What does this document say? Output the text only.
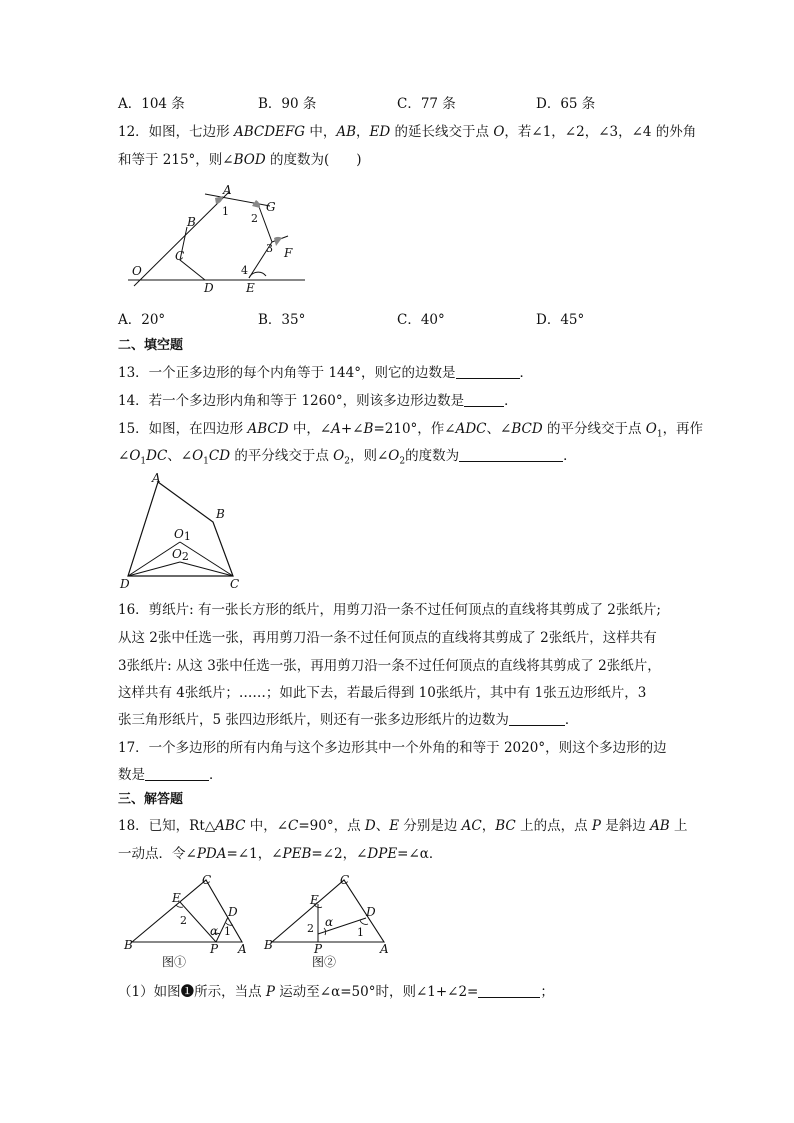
A．104 条	B．90 条	C．77 条	D．65 条
12．如图，七边形 ABCDEFG 中，AB，ED 的延长线交于点 O，若∠1，∠2，∠3，∠4 的外角
和等于 215°，则∠BOD 的度数为(　　)
A
B
C
D	E
F
G
O
1
2
3
4
A．20°	B．35°	C．40°	D．45°
二、填空题
13．一个正多边形的每个内角等于 144°，则它的边数是	．
14．若一个多边形内角和等于 1260°，则该多边形边数是	．
15．如图，在四边形 ABCD 中，∠A+∠B=210°，作∠ADC、∠BCD 的平分线交于点 $O_1$，再作
$\angle O_1DC$、$\angle O_1CD$ 的平分线交于点 $O_2$，则$\angle O_2$的度数为	．
A
B
C
D
O1
O2
16．剪纸片: 有一张长方形的纸片，用剪刀沿一条不过任何顶点的直线将其剪成了 2张纸片;
从这 2张中任选一张，再用剪刀沿一条不过任何顶点的直线将其剪成了 2张纸片，这样共有
3张纸片: 从这 3张中任选一张，再用剪刀沿一条不过任何顶点的直线将其剪成了 2张纸片，
这样共有 4张纸片；……；如此下去，若最后得到 10张纸片，其中有 1张五边形纸片，3
张三角形纸片，5 张四边形纸片，则还有一张多边形纸片的边数为	．
17．一个多边形的所有内角与这个多边形其中一个外角的和等于 2020°，则这个多边形的边
数是	．
三、解答题
18．已知，Rt△ABC 中，∠C=90°，点 D、E 分别是边 AC，BC 上的点，点 P 是斜边 AB 上
一动点．令∠PDA=∠1，∠PEB=∠2，∠DPE=∠α．
B
C
E
D
P A
α
2
1
图①
B
C
E
D
P	A
α
2	1
图②
（1）如图❶所示，当点 P 运动至∠α=50°时，则∠1+∠2=	；
